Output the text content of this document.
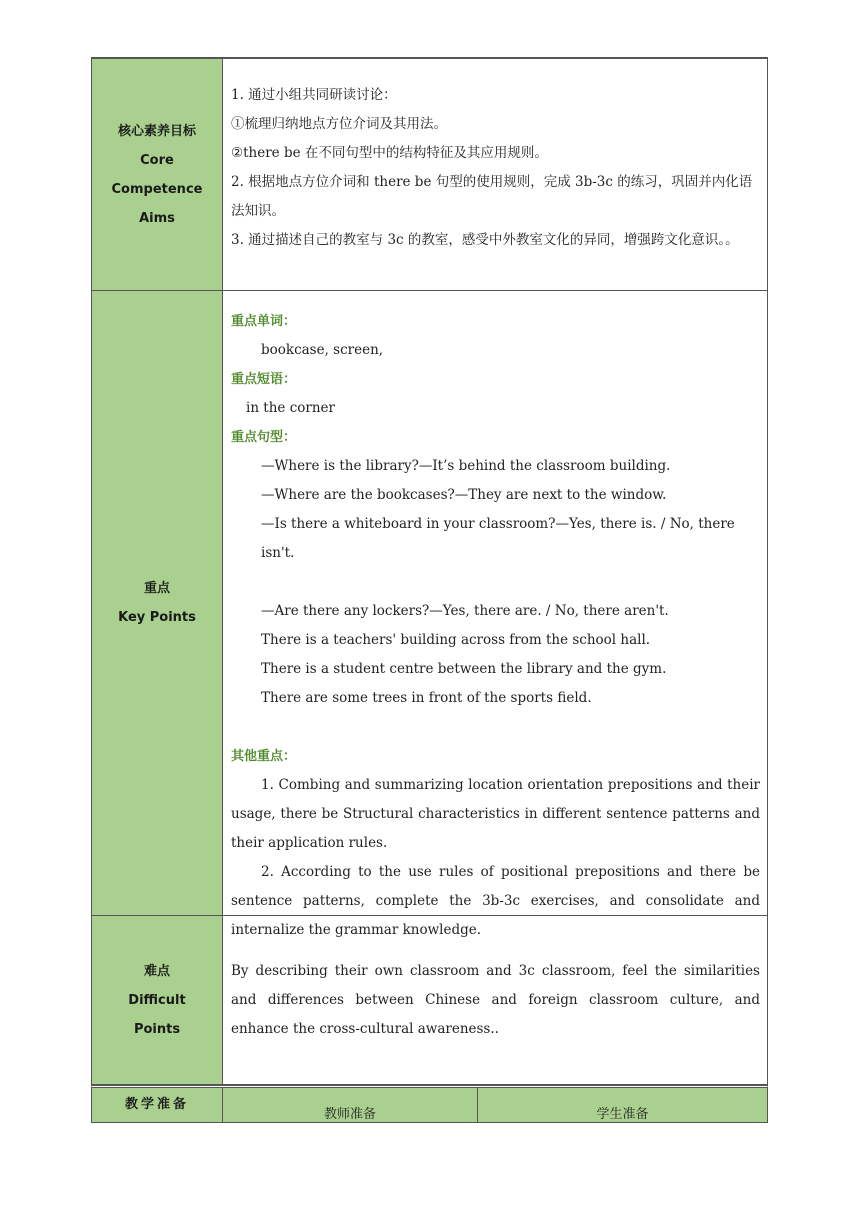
核心素养目标
Core
Competence
Aims

1. 通过小组共同研读讨论：

①梳理归纳地点方位介词及其用法。

②there be 在不同句型中的结构特征及其应用规则。

2. 根据地点方位介词和 there be 句型的使用规则，完成 3b-3c 的练习，巩固并内化语法知识。

3. 通过描述自己的教室与 3c 的教室，感受中外教室文化的异同，增强跨文化意识。。

重点
Key Points

重点单词：

bookcase, screen,

重点短语：

in the corner

重点句型：

—Where is the library?—It’s behind the classroom building.

—Where are the bookcases?—They are next to the window.

—Is there a whiteboard in your classroom?—Yes, there is. / No, there isn't.

—Are there any lockers?—Yes, there are. / No, there aren't.

There is a teachers' building across from the school hall.

There is a student centre between the library and the gym.

There are some trees in front of the sports field.

其他重点：

1. Combing and summarizing location orientation prepositions and their usage, there be Structural characteristics in different sentence patterns and their application rules.

2. According to the use rules of positional prepositions and there be sentence patterns, complete the 3b-3c exercises, and consolidate and internalize the grammar knowledge.

难点
Difficult
Points

By describing their own classroom and 3c classroom, feel the similarities and differences between Chinese and foreign classroom culture, and enhance the cross-cultural awareness..

教学准备
教师准备	学生准备
